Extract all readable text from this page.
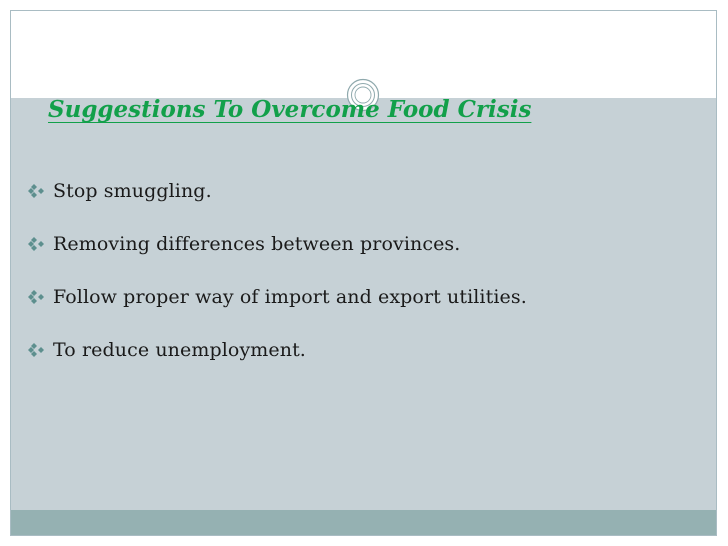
Suggestions To Overcome Food Crisis
Stop smuggling.
Removing differences between provinces.
Follow proper way of import and export utilities.
To reduce unemployment.
